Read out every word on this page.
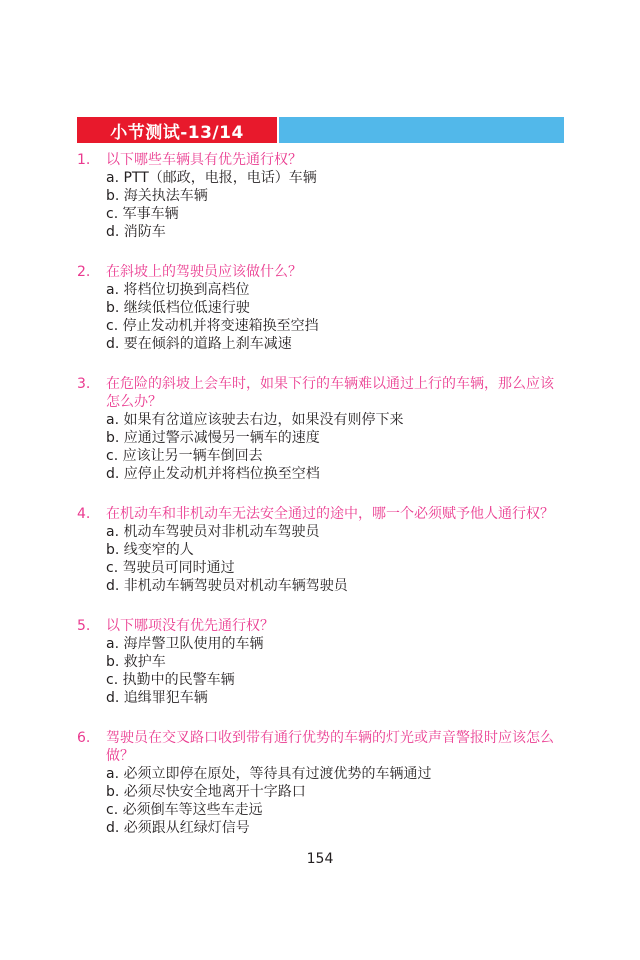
小节测试-13/14
1.	以下哪些车辆具有优先通行权？
a. PTT（邮政，电报，电话）车辆
b. 海关执法车辆
c. 军事车辆
d. 消防车
2.	在斜坡上的驾驶员应该做什么？
a. 将档位切换到高档位
b. 继续低档位低速行驶
c. 停止发动机并将变速箱换至空挡
d. 要在倾斜的道路上刹车减速
3.	在危险的斜坡上会车时，如果下行的车辆难以通过上行的车辆，那么应该怎么办？
a. 如果有岔道应该驶去右边，如果没有则停下来
b. 应通过警示减慢另一辆车的速度
c. 应该让另一辆车倒回去
d. 应停止发动机并将档位换至空档
4.	在机动车和非机动车无法安全通过的途中，哪一个必须赋予他人通行权？
a. 机动车驾驶员对非机动车驾驶员
b. 线变窄的人
c. 驾驶员可同时通过
d. 非机动车辆驾驶员对机动车辆驾驶员
5.	以下哪项没有优先通行权？
a. 海岸警卫队使用的车辆
b. 救护车
c. 执勤中的民警车辆
d. 追缉罪犯车辆
6.	驾驶员在交叉路口收到带有通行优势的车辆的灯光或声音警报时应该怎么做？
a. 必须立即停在原处，等待具有过渡优势的车辆通过
b. 必须尽快安全地离开十字路口
c. 必须倒车等这些车走远
d. 必须跟从红绿灯信号
154
